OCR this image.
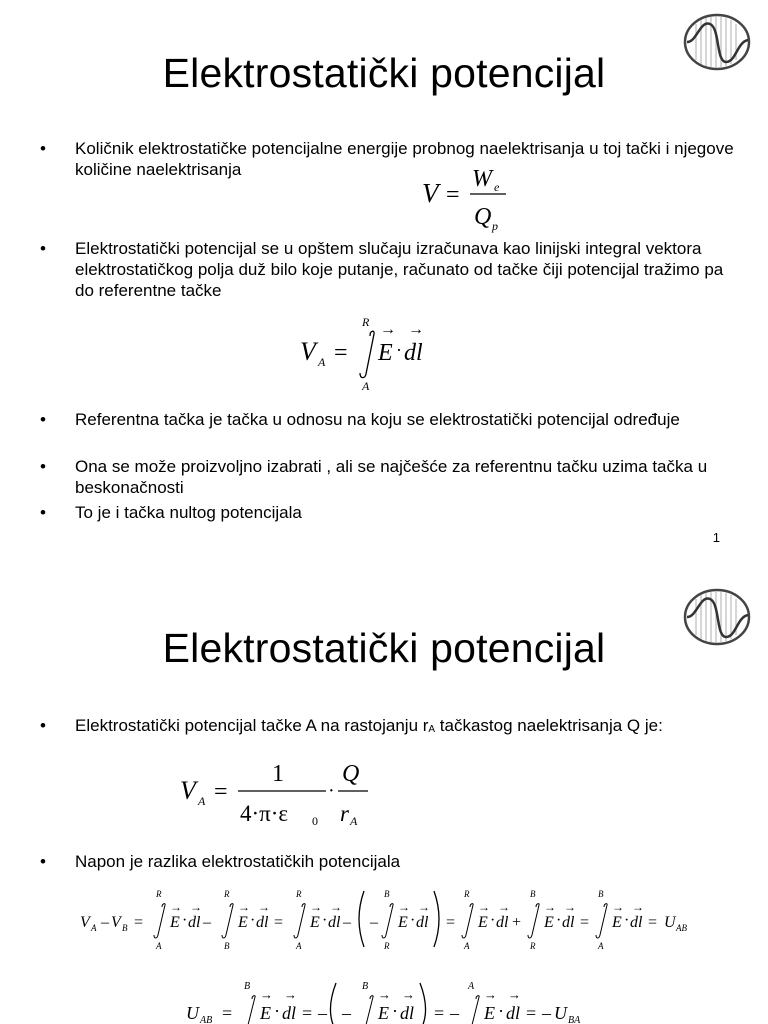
Elektrostatički potencijal
• Količnik elektrostatičke potencijalne energije probnog naelektrisanja u toj tački i njegove količine naelektrisanja
V =
W e
Q p
• Elektrostatički potencijal se u opštem slučaju izračunava kao linijski integral vektora elektrostatičkog polja duž bilo koje putanje, računato od tačke čiji potencijal tražimo pa do referentne tačke
V A =
R
A
→
E ·
→
dl
• Referentna tačka je tačka u odnosu na koju se elektrostatički potencijal određuje
• Ona se može proizvoljno izabrati , ali se najčešće za referentnu tačku uzima tačka u beskonačnosti
• To je i tačka nultog potencijala
1
Elektrostatički potencijal
• Elektrostatički potencijal tačke A na rastojanju rA tačkastog naelektrisanja Q je:
V A =
1
4·π·ε 0
·
Q
r A
• Napon je razlika elektrostatičkih potencijala
V A – V B =
R
A
→
E ·
→
dl –
R
B
→
E ·
→
dl =
R
A
→
E ·
→
dl – –
B
R
→
E ·
→
dl =
R
A
→
E ·
→
dl +
B
R
→
E ·
→
dl =
B
A
→
E ·
→
dl = U AB
U AB =
B
→
E ·
→
dl = – –
B
→
E ·
→
dl = –
A
→
E ·
→
dl = – U BA
